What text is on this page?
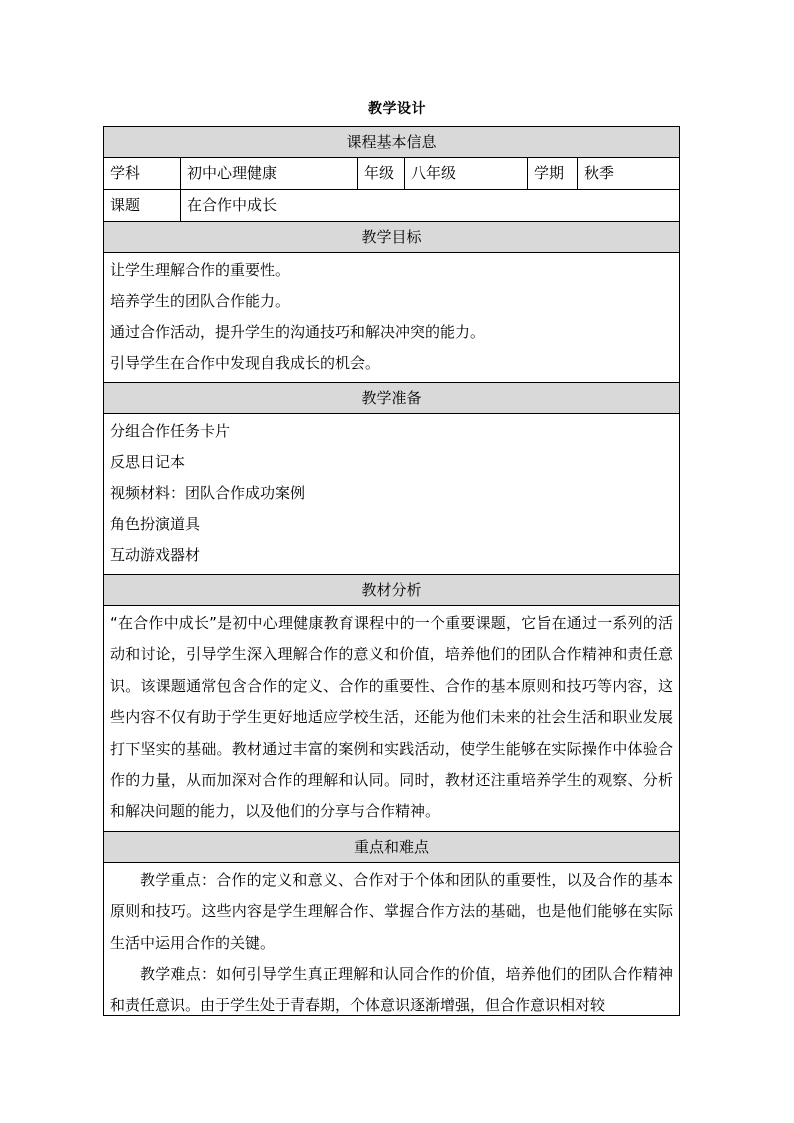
教学设计
课程基本信息
学科	初中心理健康	年级	八年级	学期	秋季
课题	在合作中成长
教学目标
让学生理解合作的重要性。
培养学生的团队合作能力。
通过合作活动，提升学生的沟通技巧和解决冲突的能力。
引导学生在合作中发现自我成长的机会。
教学准备
分组合作任务卡片
反思日记本
视频材料：团队合作成功案例
角色扮演道具
互动游戏器材
教材分析

“在合作中成长”是初中心理健康教育课程中的一个重要课题，它旨在通过一系列的活动和讨论，引导学生深入理解合作的意义和价值，培养他们的团队合作精神和责任意识。该课题通常包含合作的定义、合作的重要性、合作的基本原则和技巧等内容，这些内容不仅有助于学生更好地适应学校生活，还能为他们未来的社会生活和职业发展打下坚实的基础。教材通过丰富的案例和实践活动，使学生能够在实际操作中体验合作的力量，从而加深对合作的理解和认同。同时，教材还注重培养学生的观察、分析和解决问题的能力，以及他们的分享与合作精神。

重点和难点

教学重点：合作的定义和意义、合作对于个体和团队的重要性，以及合作的基本原则和技巧。这些内容是学生理解合作、掌握合作方法的基础，也是他们能够在实际生活中运用合作的关键。

教学难点：如何引导学生真正理解和认同合作的价值，培养他们的团队合作精神和责任意识。由于学生处于青春期，个体意识逐渐增强，但合作意识相对较
